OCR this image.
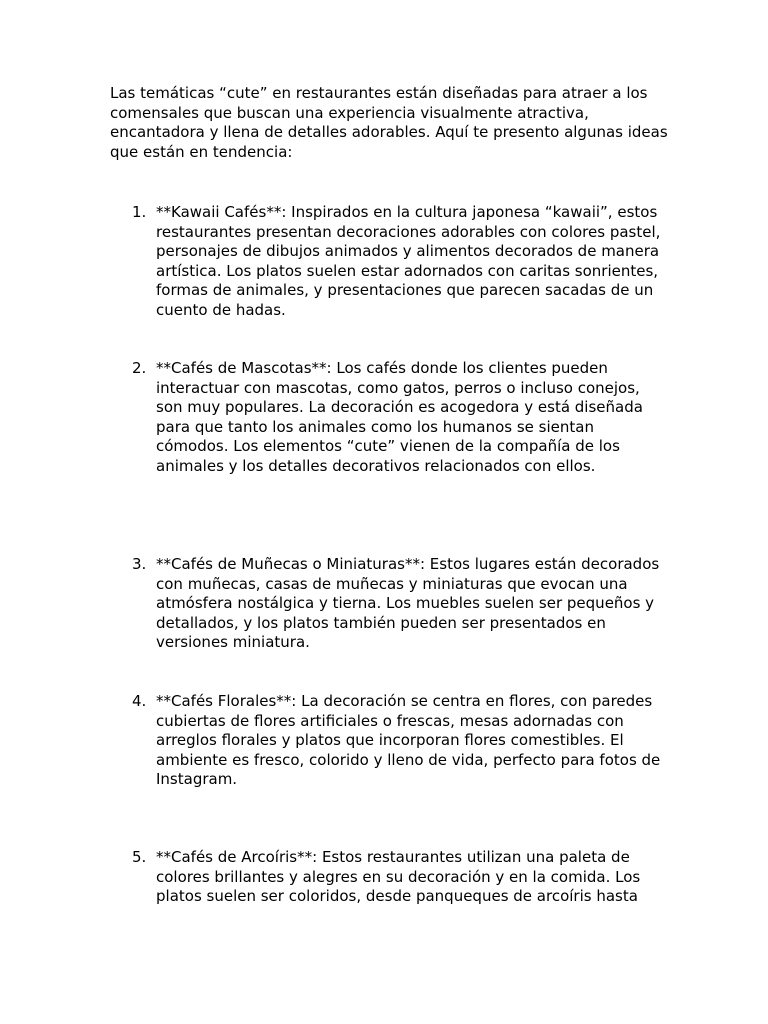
Las temáticas “cute” en restaurantes están diseñadas para atraer a los comensales que buscan una experiencia visualmente atractiva, encantadora y llena de detalles adorables. Aquí te presento algunas ideas que están en tendencia:

1. **Kawaii Cafés**: Inspirados en la cultura japonesa “kawaii”, estos restaurantes presentan decoraciones adorables con colores pastel, personajes de dibujos animados y alimentos decorados de manera artística. Los platos suelen estar adornados con caritas sonrientes, formas de animales, y presentaciones que parecen sacadas de un cuento de hadas.

2. **Cafés de Mascotas**: Los cafés donde los clientes pueden interactuar con mascotas, como gatos, perros o incluso conejos, son muy populares. La decoración es acogedora y está diseñada para que tanto los animales como los humanos se sientan cómodos. Los elementos “cute” vienen de la compañía de los animales y los detalles decorativos relacionados con ellos.

3. **Cafés de Muñecas o Miniaturas**: Estos lugares están decorados con muñecas, casas de muñecas y miniaturas que evocan una atmósfera nostálgica y tierna. Los muebles suelen ser pequeños y detallados, y los platos también pueden ser presentados en versiones miniatura.

4. **Cafés Florales**: La decoración se centra en flores, con paredes cubiertas de flores artificiales o frescas, mesas adornadas con arreglos florales y platos que incorporan flores comestibles. El ambiente es fresco, colorido y lleno de vida, perfecto para fotos de Instagram.

5. **Cafés de Arcoíris**: Estos restaurantes utilizan una paleta de colores brillantes y alegres en su decoración y en la comida. Los platos suelen ser coloridos, desde panqueques de arcoíris hasta
